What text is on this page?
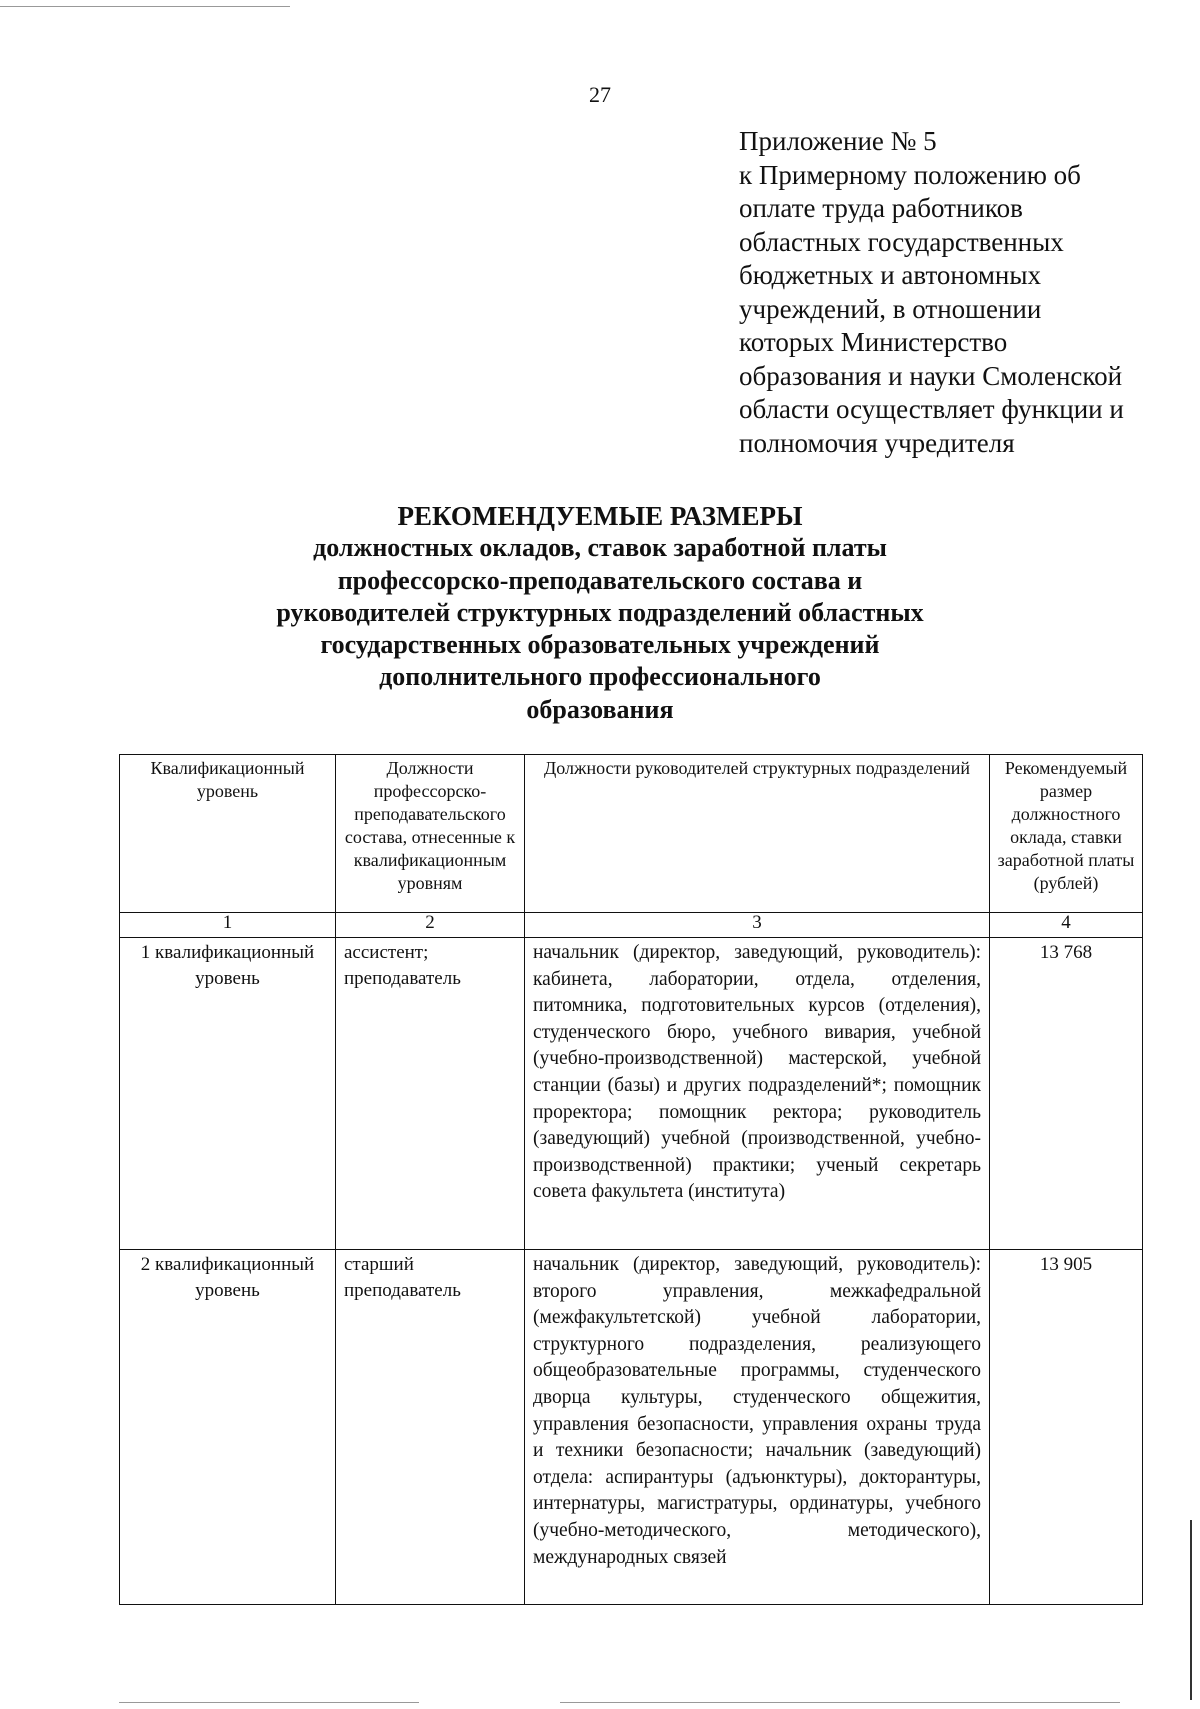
27
Приложение № 5
к Примерному положению об
оплате труда работников
областных государственных
бюджетных и автономных
учреждений, в отношении
которых Министерство
образования и науки Смоленской
области осуществляет функции и
полномочия учредителя
РЕКОМЕНДУЕМЫЕ РАЗМЕРЫ
должностных окладов, ставок заработной платы
профессорско-преподавательского состава и
руководителей структурных подразделений областных
государственных образовательных учреждений
дополнительного профессионального
образования
Квалификационный уровень	Должности профессорско-преподавательского состава, отнесенные к квалификационным уровням	Должности руководителей структурных подразделений	Рекомендуемый размер должностного оклада, ставки заработной платы (рублей)
1	2	3	4
1 квалификационный уровень	ассистент; преподаватель	начальник (директор, заведующий, руководитель): кабинета, лаборатории, отдела, отделения, питомника, подготовительных курсов (отделения), студенческого бюро, учебного вивария, учебной (учебно-производственной) мастерской, учебной станции (базы) и других подразделений*; помощник проректора; помощник ректора; руководитель (заведующий) учебной (производственной, учебно-производственной) практики; ученый секретарь совета факультета (института)	13 768
2 квалификационный уровень	старший преподаватель	начальник (директор, заведующий, руководитель): второго управления, межкафедральной (межфакультетской) учебной лаборатории, структурного подразделения, реализующего общеобразовательные программы, студенческого дворца культуры, студенческого общежития, управления безопасности, управления охраны труда и техники безопасности; начальник (заведующий) отдела: аспирантуры (адъюнктуры), докторантуры, интернатуры, магистратуры, ординатуры, учебного (учебно-методического, методического), международных связей	13 905
